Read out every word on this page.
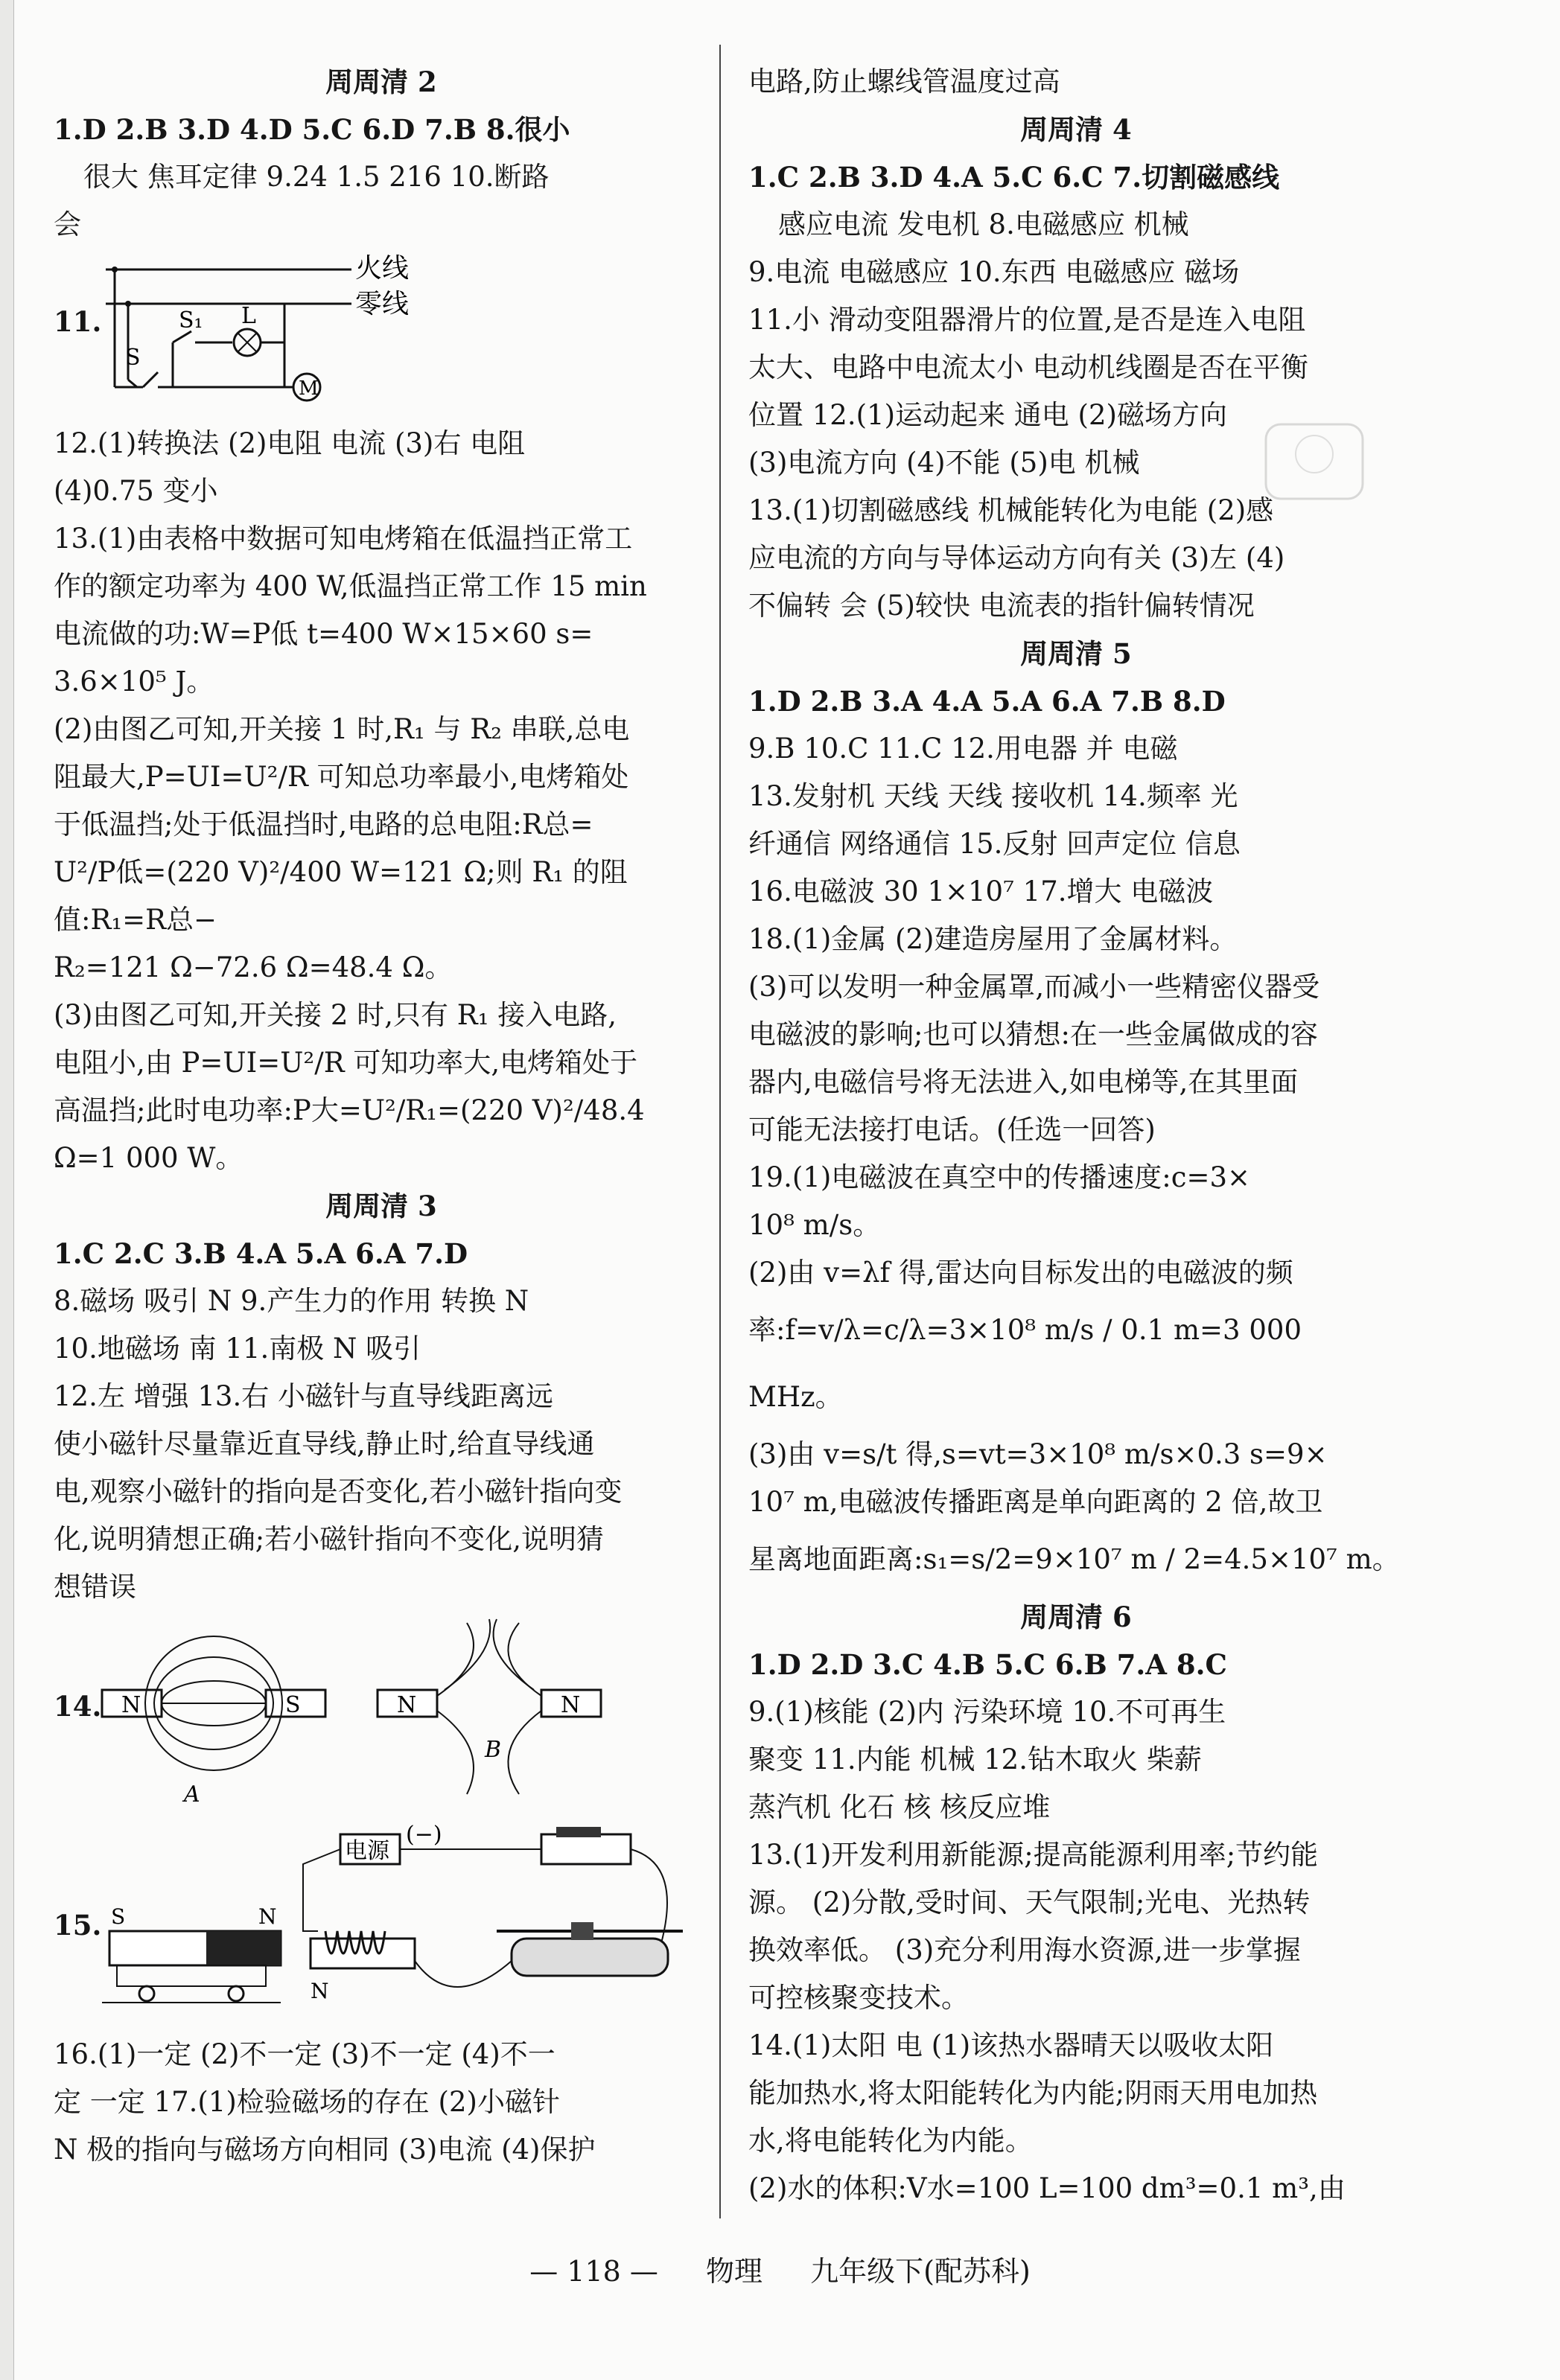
周周清 2

1.D 2.B 3.D 4.D 5.C 6.D 7.B 8.很小

很大 焦耳定律 9.24 1.5 216 10.断路

会

11.
火线
零线
S
S₁ L
M

12.(1)转换法 (2)电阻 电流 (3)右 电阻

(4)0.75 变小

13.(1)由表格中数据可知电烤箱在低温挡正常工

作的额定功率为 400 W,低温挡正常工作 15 min

电流做的功:W=P低 t=400 W×15×60 s=

3.6×10⁵ J。

(2)由图乙可知,开关接 1 时,R₁ 与 R₂ 串联,总电

阻最大,P=UI=U²/R 可知总功率最小,电烤箱处

于低温挡;处于低温挡时,电路的总电阻:R总=

U²/P低=(220 V)²/400 W=121 Ω;则 R₁ 的阻值:R₁=R总−

R₂=121 Ω−72.6 Ω=48.4 Ω。

(3)由图乙可知,开关接 2 时,只有 R₁ 接入电路,

电阻小,由 P=UI=U²/R 可知功率大,电烤箱处于

高温挡;此时电功率:P大=U²/R₁=(220 V)²/48.4 Ω=1 000 W。

周周清 3

1.C 2.C 3.B 4.A 5.A 6.A 7.D

8.磁场 吸引 N 9.产生力的作用 转换 N

10.地磁场 南 11.南极 N 吸引

12.左 增强 13.右 小磁针与直导线距离远

使小磁针尽量靠近直导线,静止时,给直导线通

电,观察小磁针的指向是否变化,若小磁针指向变

化,说明猜想正确;若小磁针指向不变化,说明猜

想错误

14. N	S
A
N	N
B
15.
电源
(−)
S	N
N

16.(1)一定 (2)不一定 (3)不一定 (4)不一

定 一定 17.(1)检验磁场的存在 (2)小磁针

N 极的指向与磁场方向相同 (3)电流 (4)保护

电路,防止螺线管温度过高

周周清 4

1.C 2.B 3.D 4.A 5.C 6.C 7.切割磁感线

感应电流 发电机 8.电磁感应 机械

9.电流 电磁感应 10.东西 电磁感应 磁场

11.小 滑动变阻器滑片的位置,是否是连入电阻

太大、电路中电流太小 电动机线圈是否在平衡

位置 12.(1)运动起来 通电 (2)磁场方向

(3)电流方向 (4)不能 (5)电 机械

13.(1)切割磁感线 机械能转化为电能 (2)感

应电流的方向与导体运动方向有关 (3)左 (4)

不偏转 会 (5)较快 电流表的指针偏转情况

周周清 5

1.D 2.B 3.A 4.A 5.A 6.A 7.B 8.D

9.B 10.C 11.C 12.用电器 并 电磁

13.发射机 天线 天线 接收机 14.频率 光

纤通信 网络通信 15.反射 回声定位 信息

16.电磁波 30 1×10⁷ 17.增大 电磁波

18.(1)金属 (2)建造房屋用了金属材料。

(3)可以发明一种金属罩,而减小一些精密仪器受

电磁波的影响;也可以猜想:在一些金属做成的容

器内,电磁信号将无法进入,如电梯等,在其里面

可能无法接打电话。(任选一回答)

19.(1)电磁波在真空中的传播速度:c=3×

10⁸ m/s。

(2)由 v=λf 得,雷达向目标发出的电磁波的频

率:f=v/λ=c/λ=3×10⁸ m/s / 0.1 m=3 000 MHz。

(3)由 v=s/t 得,s=vt=3×10⁸ m/s×0.3 s=9×

10⁷ m,电磁波传播距离是单向距离的 2 倍,故卫

星离地面距离:s₁=s/2=9×10⁷ m / 2=4.5×10⁷ m。

周周清 6

1.D 2.D 3.C 4.B 5.C 6.B 7.A 8.C

9.(1)核能 (2)内 污染环境 10.不可再生

聚变 11.内能 机械 12.钻木取火 柴薪

蒸汽机 化石 核 核反应堆

13.(1)开发利用新能源;提高能源利用率;节约能

源。 (2)分散,受时间、天气限制;光电、光热转

换效率低。 (3)充分利用海水资源,进一步掌握

可控核聚变技术。

14.(1)太阳 电 (1)该热水器晴天以吸收太阳

能加热水,将太阳能转化为内能;阴雨天用电加热

水,将电能转化为内能。

(2)水的体积:V水=100 L=100 dm³=0.1 m³,由

— 118 — 物理 九年级下(配苏科)
